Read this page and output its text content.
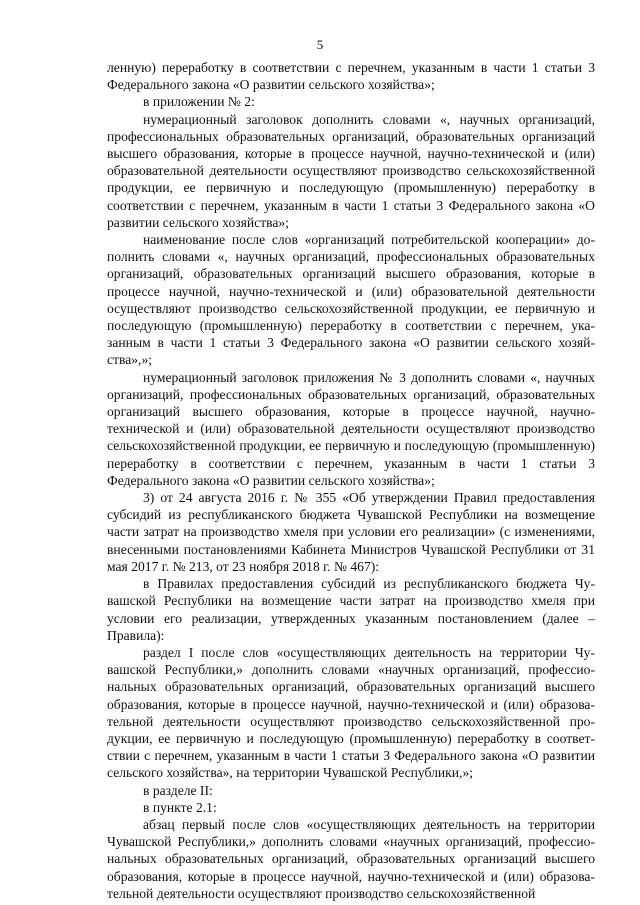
5

ленную) переработку в соответствии с перечнем, указанным в части 1 статьи 3 Федерального закона «О развитии сельского хозяйства»;

в приложении № 2:

нумерационный заголовок дополнить словами «, научных организаций, профессиональных образовательных организаций, образовательных организаций высшего образования, которые в процессе научной, научно-технической и (или) образовательной деятельности осуществляют производство сельскохозяйственной продукции, ее первичную и последующую (промышленную) переработку в соответствии с перечнем, указанным в части 1 статьи 3 Федерального закона «О развитии сельского хозяйства»;

наименование после слов «организаций потребительской кооперации» дополнить словами «, научных организаций, профессиональных образовательных организаций, образовательных организаций высшего образования, которые в процессе научной, научно-технической и (или) образовательной деятельности осуществляют производство сельскохозяйственной продукции, ее первичную и последующую (промышленную) переработку в соответствии с перечнем, указанным в части 1 статьи 3 Федерального закона «О развитии сельского хозяйства»,»;

нумерационный заголовок приложения № 3 дополнить словами «, научных организаций, профессиональных образовательных организаций, образовательных организаций высшего образования, которые в процессе научной, научно-технической и (или) образовательной деятельности осуществляют производство сельскохозяйственной продукции, ее первичную и последующую (промышленную) переработку в соответствии с перечнем, указанным в части 1 статьи 3 Федерального закона «О развитии сельского хозяйства»;

3) от 24 августа 2016 г. № 355 «Об утверждении Правил предоставления субсидий из республиканского бюджета Чувашской Республики на возмещение части затрат на производство хмеля при условии его реализации» (с изменениями, внесенными постановлениями Кабинета Министров Чувашской Республики от 31 мая 2017 г. № 213, от 23 ноября 2018 г. № 467):

в Правилах предоставления субсидий из республиканского бюджета Чувашской Республики на возмещение части затрат на производство хмеля при условии его реализации, утвержденных указанным постановлением (далее – Правила):

раздел I после слов «осуществляющих деятельность на территории Чувашской Республики,» дополнить словами «научных организаций, профессиональных образовательных организаций, образовательных организаций высшего образования, которые в процессе научной, научно-технической и (или) образовательной деятельности осуществляют производство сельскохозяйственной продукции, ее первичную и последующую (промышленную) переработку в соответствии с перечнем, указанным в части 1 статьи 3 Федерального закона «О развитии сельского хозяйства», на территории Чувашской Республики,»;

в разделе II:

в пункте 2.1:

абзац первый после слов «осуществляющих деятельность на территории Чувашской Республики,» дополнить словами «научных организаций, профессиональных образовательных организаций, образовательных организаций высшего образования, которые в процессе научной, научно-технической и (или) образовательной деятельности осуществляют производство сельскохозяйственной
